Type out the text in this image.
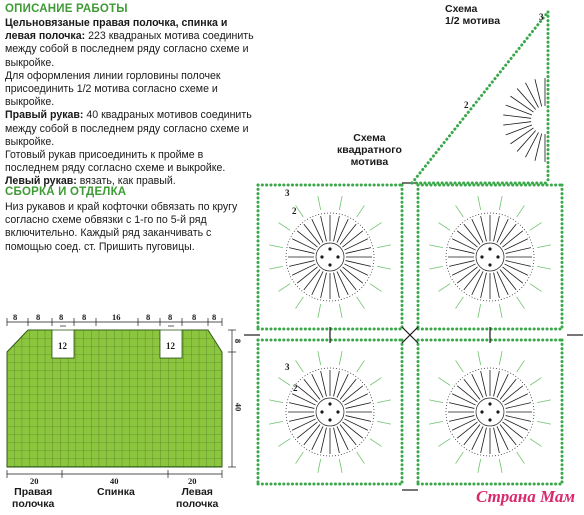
ОПИСАНИЕ РАБОТЫ

Цельновязаные правая полочка, спинка и левая полочка: 223 квадраных мотива соединить между собой в последнем ряду согласно схеме и выкройке.

Для оформления линии горловины полочек присоединить 1/2 мотива согласно схеме и выкройке.

Правый рукав: 40 квадраных мотивов соединить между собой в последнем ряду согласно схеме и выкройке.

Готовый рукав присоединить к пройме в последнем ряду согласно схеме и выкройке.

Левый рукав: вязать, как правый.

СБОРКА И ОТДЕЛКА
Низ рукавов и край кофточки обвязать по кругу согласно схеме обвязки с 1-го по 5-й ряд включительно. Каждый ряд заканчивать с помощью соед. ст. Пришить пуговицы.
8 8 8 8	16	8 8 8 8
8
40
12	12
20	40	20
Правая
полочка
Спинка	Левая
полочка
3
2
3
2
3
2
Схема
1/2 мотива
Схема
квадратного
мотива
Страна Мам
